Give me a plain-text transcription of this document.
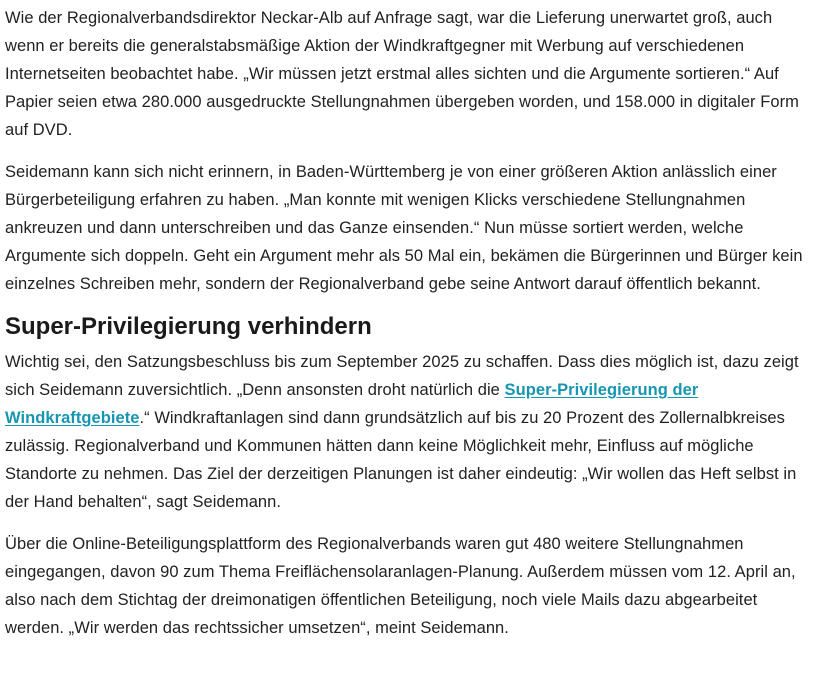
Wie der Regionalverbandsdirektor Neckar-Alb auf Anfrage sagt, war die Lieferung unerwartet groß, auch wenn er bereits die generalstabsmäßige Aktion der Windkraftgegner mit Werbung auf verschiedenen Internetseiten beobachtet habe. „Wir müssen jetzt erstmal alles sichten und die Argumente sortieren.“ Auf Papier seien etwa 280.000 ausgedruckte Stellungnahmen übergeben worden, und 158.000 in digitaler Form auf DVD.

Seidemann kann sich nicht erinnern, in Baden-Württemberg je von einer größeren Aktion anlässlich einer Bürgerbeteiligung erfahren zu haben. „Man konnte mit wenigen Klicks verschiedene Stellungnahmen ankreuzen und dann unterschreiben und das Ganze einsenden.“ Nun müsse sortiert werden, welche Argumente sich doppeln. Geht ein Argument mehr als 50 Mal ein, bekämen die Bürgerinnen und Bürger kein einzelnes Schreiben mehr, sondern der Regionalverband gebe seine Antwort darauf öffentlich bekannt.

Super-Privilegierung verhindern

Wichtig sei, den Satzungsbeschluss bis zum September 2025 zu schaffen. Dass dies möglich ist, dazu zeigt sich Seidemann zuversichtlich. „Denn ansonsten droht natürlich die Super-Privilegierung der Windkraftgebiete.“ Windkraftanlagen sind dann grundsätzlich auf bis zu 20 Prozent des Zollernalbkreises zulässig. Regionalverband und Kommunen hätten dann keine Möglichkeit mehr, Einfluss auf mögliche Standorte zu nehmen. Das Ziel der derzeitigen Planungen ist daher eindeutig: „Wir wollen das Heft selbst in der Hand behalten“, sagt Seidemann.

Über die Online-Beteiligungsplattform des Regionalverbands waren gut 480 weitere Stellungnahmen eingegangen, davon 90 zum Thema Freiflächensolaranlagen-Planung. Außerdem müssen vom 12. April an, also nach dem Stichtag der dreimonatigen öffentlichen Beteiligung, noch viele Mails dazu abgearbeitet werden. „Wir werden das rechtssicher umsetzen“, meint Seidemann.
